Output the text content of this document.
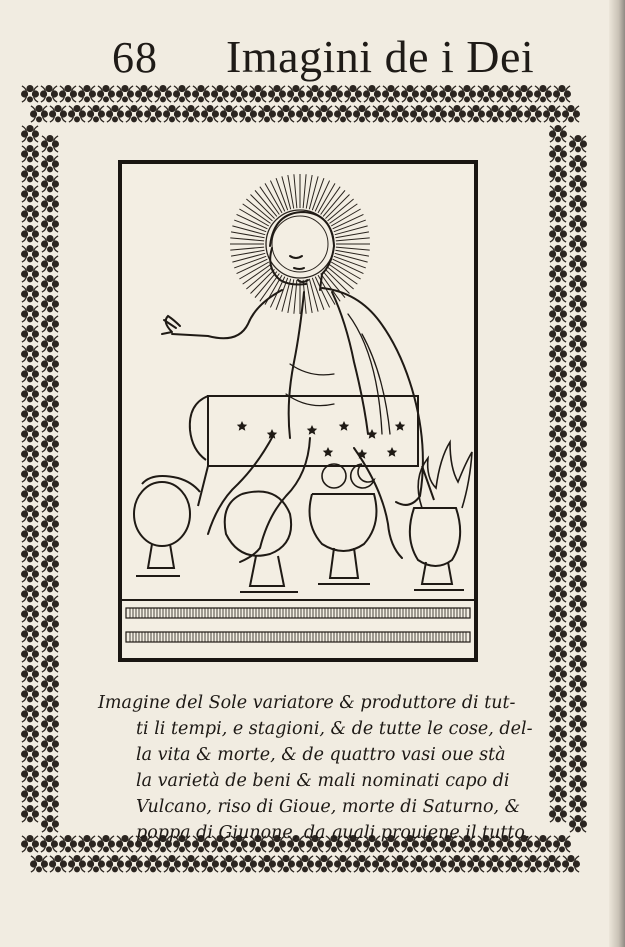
68 Imagini de i Dei
Imagine del Sole variatore & produttore di tut-
ti li tempi, e stagioni, & de tutte le cose, del-
la vita & morte, & de quattro vasi oue stà
la varietà de beni & mali nominati capo di
Vulcano, riso di Gioue, morte di Saturno, &
poppa di Giunone, da quali prouiene il tutto.
